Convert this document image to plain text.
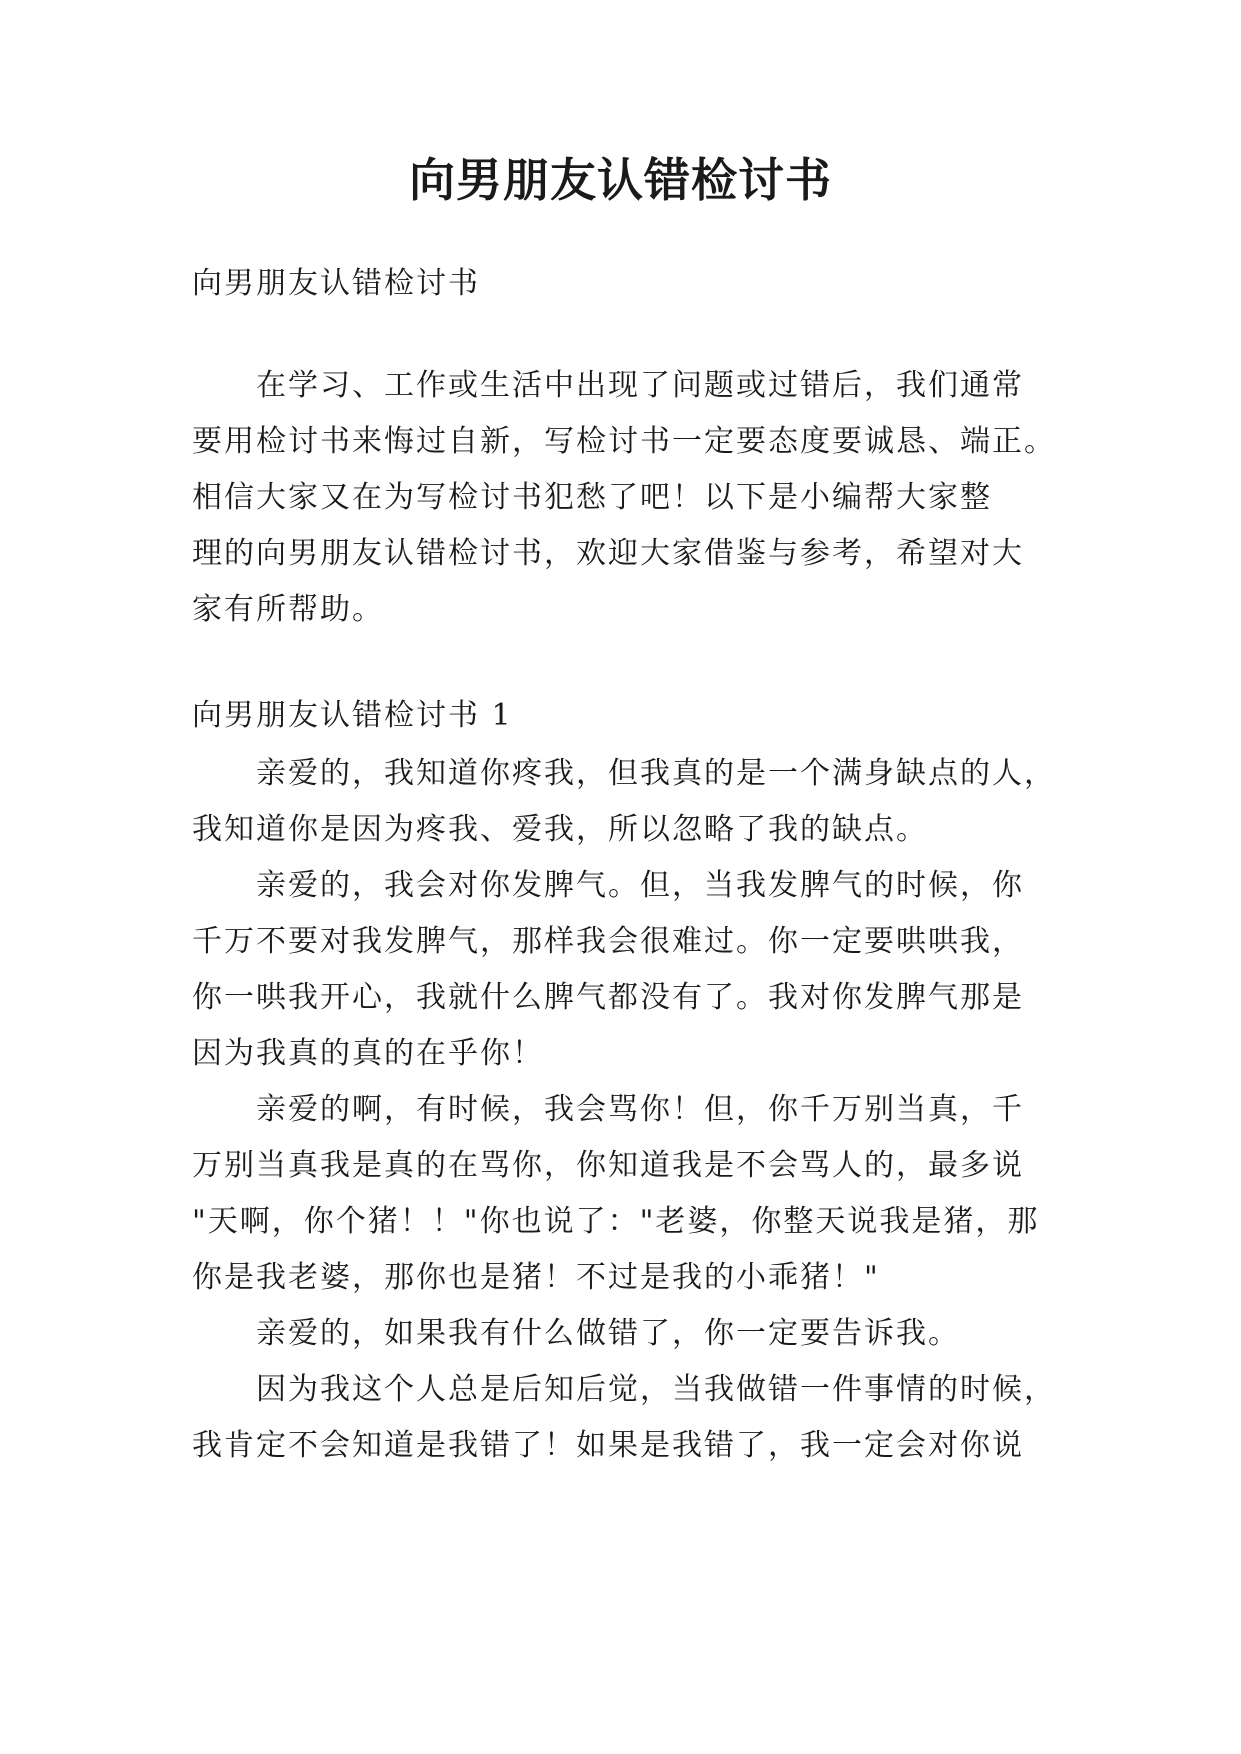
向男朋友认错检讨书

向男朋友认错检讨书

　　在学习、工作或生活中出现了问题或过错后，我们通常

要用检讨书来悔过自新，写检讨书一定要态度要诚恳、端正。

相信大家又在为写检讨书犯愁了吧！以下是小编帮大家整

理的向男朋友认错检讨书，欢迎大家借鉴与参考，希望对大

家有所帮助。

向男朋友认错检讨书 1

　　亲爱的，我知道你疼我，但我真的是一个满身缺点的人，

我知道你是因为疼我、爱我，所以忽略了我的缺点。

　　亲爱的，我会对你发脾气。但，当我发脾气的时候，你

千万不要对我发脾气，那样我会很难过。你一定要哄哄我，

你一哄我开心，我就什么脾气都没有了。我对你发脾气那是

因为我真的真的在乎你！

　　亲爱的啊，有时候，我会骂你！但，你千万别当真，千

万别当真我是真的在骂你，你知道我是不会骂人的，最多说

"天啊，你个猪！！"你也说了："老婆，你整天说我是猪，那

你是我老婆，那你也是猪！不过是我的小乖猪！"

　　亲爱的，如果我有什么做错了，你一定要告诉我。

　　因为我这个人总是后知后觉，当我做错一件事情的时候，

我肯定不会知道是我错了！如果是我错了，我一定会对你说
